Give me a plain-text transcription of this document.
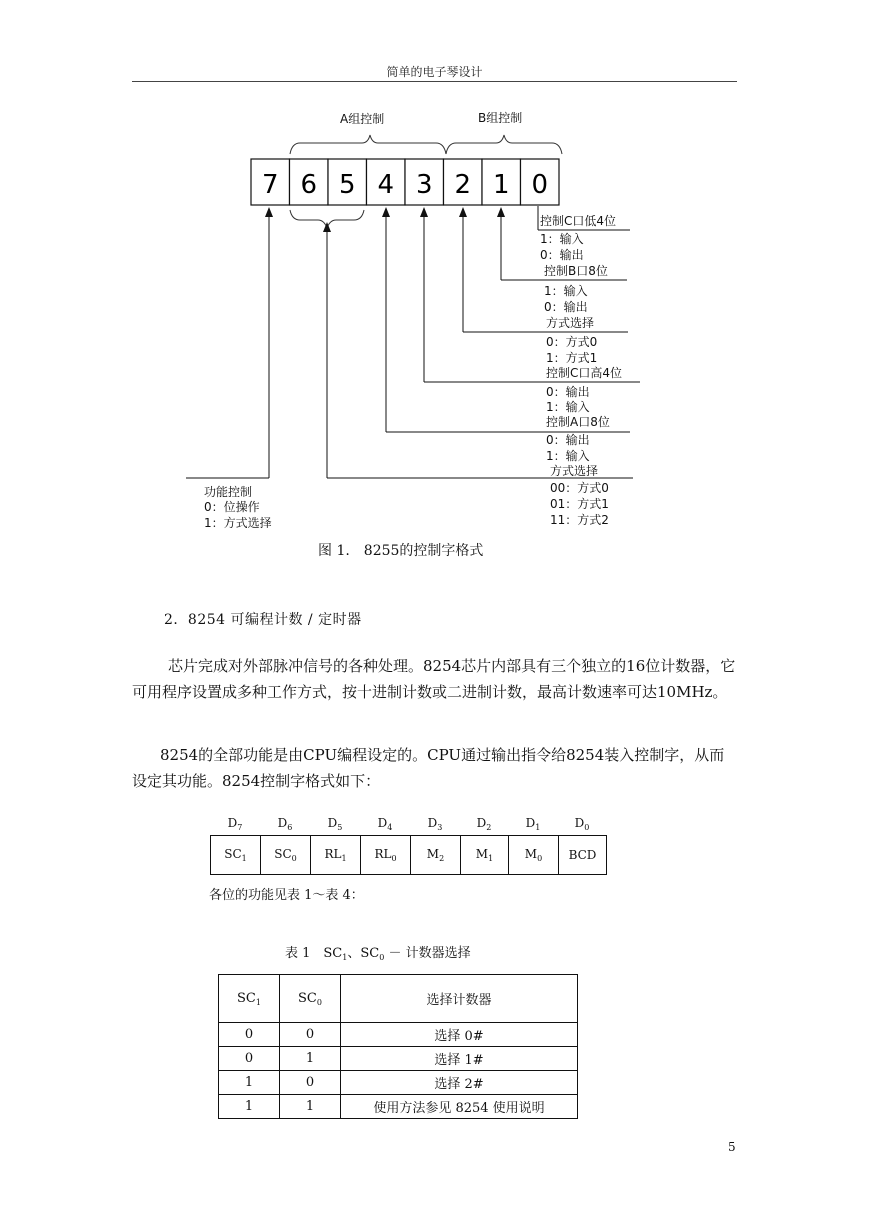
简单的电子琴设计
A组控制	B组控制
7 6 5 4 3 2 1 0
控制C口低4位
1：输入
0：输出
控制B口8位
1：输入
0：输出
方式选择
0：方式0
1：方式1
控制C口高4位
0：输出
1：输入
控制A口8位
0：输出
1：输入
方式选择
00：方式0
01：方式1
11：方式2
功能控制
0：位操作
1：方式选择
图 1.　8255的控制字格式
2．8254 可编程计数 / 定时器
芯片完成对外部脉冲信号的各种处理。8254芯片内部具有三个独立的16位计数器，它可用程序设置成多种工作方式，按十进制计数或二进制计数，最高计数速率可达10MHz。
8254的全部功能是由CPU编程设定的。CPU通过输出指令给8254装入控制字，从而设定其功能。8254控制字格式如下：
$D_7$	$D_6$	$D_5$	$D_4$	$D_3$	$D_2$	$D_1$	$D_0$
$SC_1$	$SC_0$	$RL_1$	$RL_0$	$M_2$	$M_1$	$M_0$	BCD
各位的功能见表 1～表 4：
表 1　$SC_1$、$SC_0$ － 计数器选择
$SC_1$	$SC_0$	选择计数器
0	0	选择 0#
0	1	选择 1#
1	0	选择 2#
1	1	使用方法参见 8254 使用说明
5
